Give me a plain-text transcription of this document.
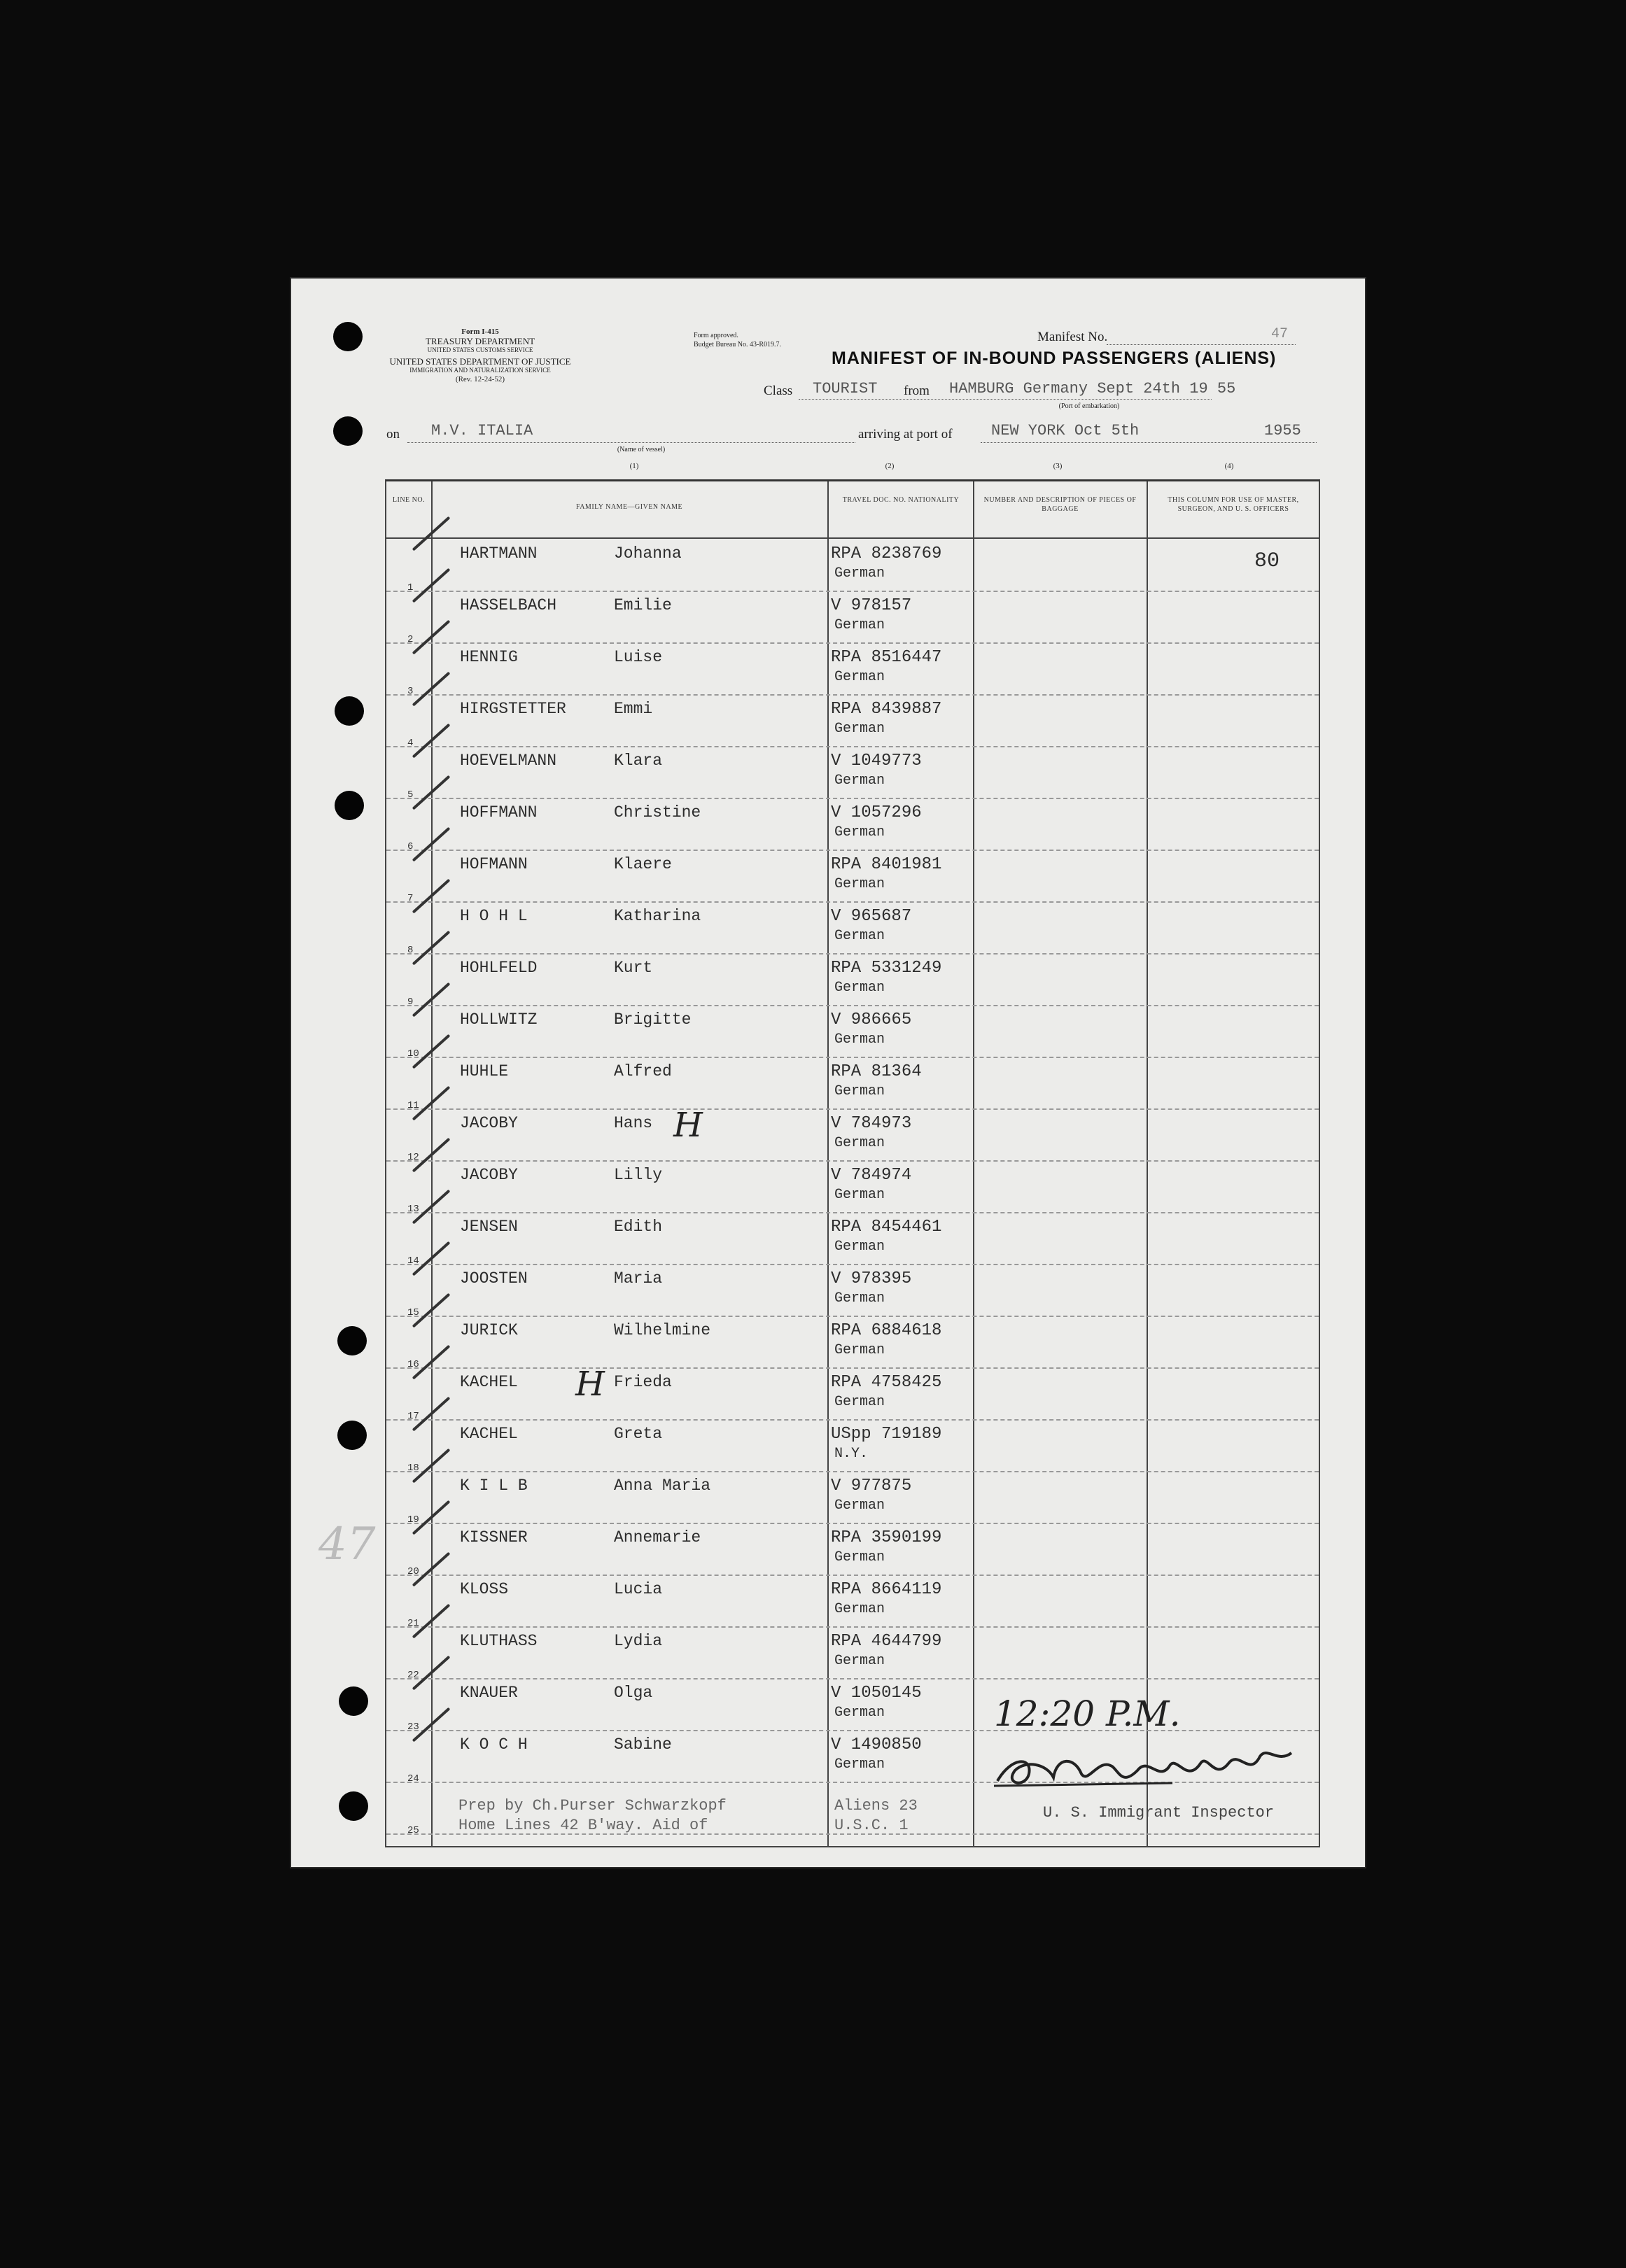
Form I-415
TREASURY DEPARTMENT
UNITED STATES CUSTOMS SERVICE
UNITED STATES DEPARTMENT OF JUSTICE
IMMIGRATION AND NATURALIZATION SERVICE
(Rev. 12-24-52)
Form approved.
Budget Bureau No. 43-R019.7.
Manifest No.	47
MANIFEST OF IN-BOUND PASSENGERS (ALIENS)
Class TOURIST from HAMBURG Germany Sept 24th 19 55
(Port of embarkation)
on M.V. ITALIA
(Name of vessel)
arriving at port of	NEW YORK Oct 5th	1955
(1)	(2)	(3)	(4)
47
LINE NO.
FAMILY NAME—GIVEN NAME
TRAVEL DOC. NO. NATIONALITY	NUMBER AND DESCRIPTION OF PIECES OF BAGGAGE
THIS COLUMN FOR USE OF MASTER, SURGEON, AND U. S. OFFICERS
1
HARTMANN	Johanna	RPA 8238769
German
80
2
HASSELBACH	Emilie	V 978157
German
3
HENNIG	Luise	RPA 8516447
German
4
HIRGSTETTER	Emmi	RPA 8439887
German
5
HOEVELMANN	Klara	V 1049773
German
6
HOFFMANN	Christine	V 1057296
German
7
HOFMANN	Klaere	RPA 8401981
German
8
H O H L	Katharina	V 965687
German
9
HOHLFELD	Kurt	RPA 5331249
German
10
HOLLWITZ	Brigitte	V 986665
German
11
HUHLE	Alfred	RPA 81364
German
12
JACOBY	Hans	V 784973
German
H
13
JACOBY	Lilly	V 784974
German
14
JENSEN	Edith	RPA 8454461
German
15
JOOSTEN	Maria	V 978395
German
16
JURICK	Wilhelmine	RPA 6884618
German
17
KACHEL	Frieda	RPA 4758425
German
H
18
KACHEL	Greta	USpp 719189
N.Y.
19
K I L B	Anna Maria	V 977875
German
20
KISSNER	Annemarie	RPA 3590199
German
21
KLOSS	Lucia	RPA 8664119
German
22
KLUTHASS	Lydia	RPA 4644799
German
23
KNAUER	Olga	V 1050145
German
24
K O C H	Sabine	V 1490850
German
25
Prep by Ch.Purser Schwarzkopf
Home Lines 42 B'way. Aid of
Aliens 23
U.S.C. 1
12:20 P.M.
U. S. Immigrant Inspector
